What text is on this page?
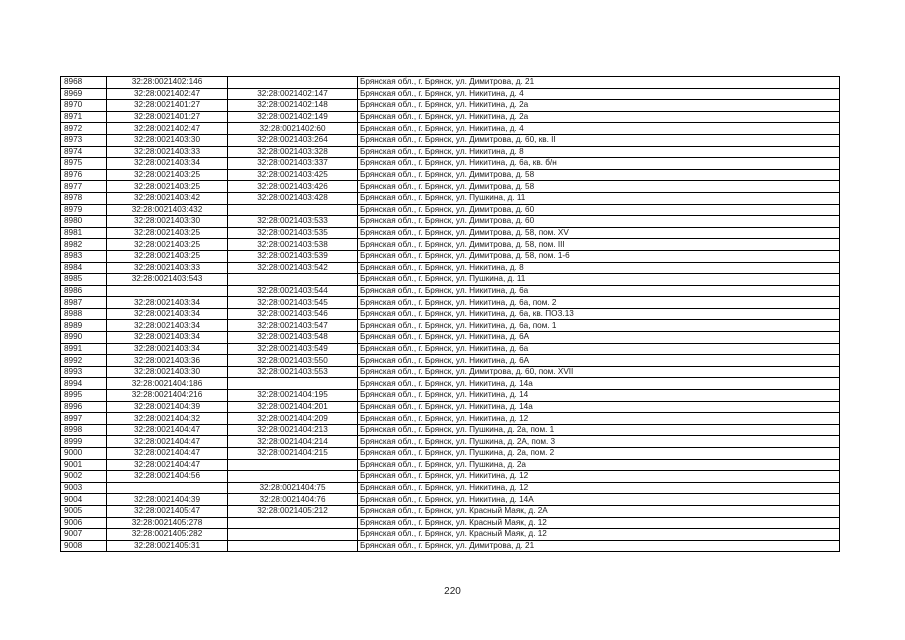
8968	32:28:0021402:146		Брянская обл., г. Брянск, ул. Димитрова, д. 21
8969	32:28:0021402:47	32:28:0021402:147	Брянская обл., г. Брянск, ул. Никитина, д. 4
8970	32:28:0021401:27	32:28:0021402:148	Брянская обл., г. Брянск, ул. Никитина, д. 2а
8971	32:28:0021401:27	32:28:0021402:149	Брянская обл., г. Брянск, ул. Никитина, д. 2а
8972	32:28:0021402:47	32:28:0021402:60	Брянская обл., г. Брянск, ул. Никитина, д. 4
8973	32:28:0021403:30	32:28:0021403:264	Брянская обл., г. Брянск, ул. Димитрова, д. 60, кв. II
8974	32:28:0021403:33	32:28:0021403:328	Брянская обл., г. Брянск, ул. Никитина, д. 8
8975	32:28:0021403:34	32:28:0021403:337	Брянская обл., г. Брянск, ул. Никитина, д. 6а, кв. б/н
8976	32:28:0021403:25	32:28:0021403:425	Брянская обл., г. Брянск, ул. Димитрова, д. 58
8977	32:28:0021403:25	32:28:0021403:426	Брянская обл., г. Брянск, ул. Димитрова, д. 58
8978	32:28:0021403:42	32:28:0021403:428	Брянская обл., г. Брянск, ул. Пушкина, д. 11
8979	32:28:0021403:432		Брянская обл., г. Брянск, ул. Димитрова, д. 60
8980	32:28:0021403:30	32:28:0021403:533	Брянская обл., г. Брянск, ул. Димитрова, д. 60
8981	32:28:0021403:25	32:28:0021403:535	Брянская обл., г. Брянск, ул. Димитрова, д. 58, пом. XV
8982	32:28:0021403:25	32:28:0021403:538	Брянская обл., г. Брянск, ул. Димитрова, д. 58, пом. III
8983	32:28:0021403:25	32:28:0021403:539	Брянская обл., г. Брянск, ул. Димитрова, д. 58, пом. 1-6
8984	32:28:0021403:33	32:28:0021403:542	Брянская обл., г. Брянск, ул. Никитина, д. 8
8985	32:28:0021403:543		Брянская обл., г. Брянск, ул. Пушкина, д. 11
8986		32:28:0021403:544	Брянская обл., г. Брянск, ул. Никитина, д. 6а
8987	32:28:0021403:34	32:28:0021403:545	Брянская обл., г. Брянск, ул. Никитина, д. 6а, пом. 2
8988	32:28:0021403:34	32:28:0021403:546	Брянская обл., г. Брянск, ул. Никитина, д. 6а, кв. ПОЗ.13
8989	32:28:0021403:34	32:28:0021403:547	Брянская обл., г. Брянск, ул. Никитина, д. 6а, пом. 1
8990	32:28:0021403:34	32:28:0021403:548	Брянская обл., г. Брянск, ул. Никитина, д. 6А
8991	32:28:0021403:34	32:28:0021403:549	Брянская обл., г. Брянск, ул. Никитина, д. 6а
8992	32:28:0021403:36	32:28:0021403:550	Брянская обл., г. Брянск, ул. Никитина, д. 6А
8993	32:28:0021403:30	32:28:0021403:553	Брянская обл., г. Брянск, ул. Димитрова, д. 60, пом. XVII
8994	32:28:0021404:186		Брянская обл., г. Брянск, ул. Никитина, д. 14а
8995	32:28:0021404:216	32:28:0021404:195	Брянская обл., г. Брянск, ул. Никитина, д. 14
8996	32:28:0021404:39	32:28:0021404:201	Брянская обл., г. Брянск, ул. Никитина, д. 14а
8997	32:28:0021404:32	32:28:0021404:209	Брянская обл., г. Брянск, ул. Никитина, д. 12
8998	32:28:0021404:47	32:28:0021404:213	Брянская обл., г. Брянск, ул. Пушкина, д. 2а, пом. 1
8999	32:28:0021404:47	32:28:0021404:214	Брянская обл., г. Брянск, ул. Пушкина, д. 2А, пом. 3
9000	32:28:0021404:47	32:28:0021404:215	Брянская обл., г. Брянск, ул. Пушкина, д. 2а, пом. 2
9001	32:28:0021404:47		Брянская обл., г. Брянск, ул. Пушкина, д. 2а
9002	32:28:0021404:56		Брянская обл., г. Брянск, ул. Никитина, д. 12
9003		32:28:0021404:75	Брянская обл., г. Брянск, ул. Никитина, д. 12
9004	32:28:0021404:39	32:28:0021404:76	Брянская обл., г. Брянск, ул. Никитина, д. 14А
9005	32:28:0021405:47	32:28:0021405:212	Брянская обл., г. Брянск, ул. Красный Маяк, д. 2А
9006	32:28:0021405:278		Брянская обл., г. Брянск, ул. Красный Маяк, д. 12
9007	32:28:0021405:282		Брянская обл., г. Брянск, ул. Красный Маяк, д. 12
9008	32:28:0021405:31		Брянская обл., г. Брянск, ул. Димитрова, д. 21
220
